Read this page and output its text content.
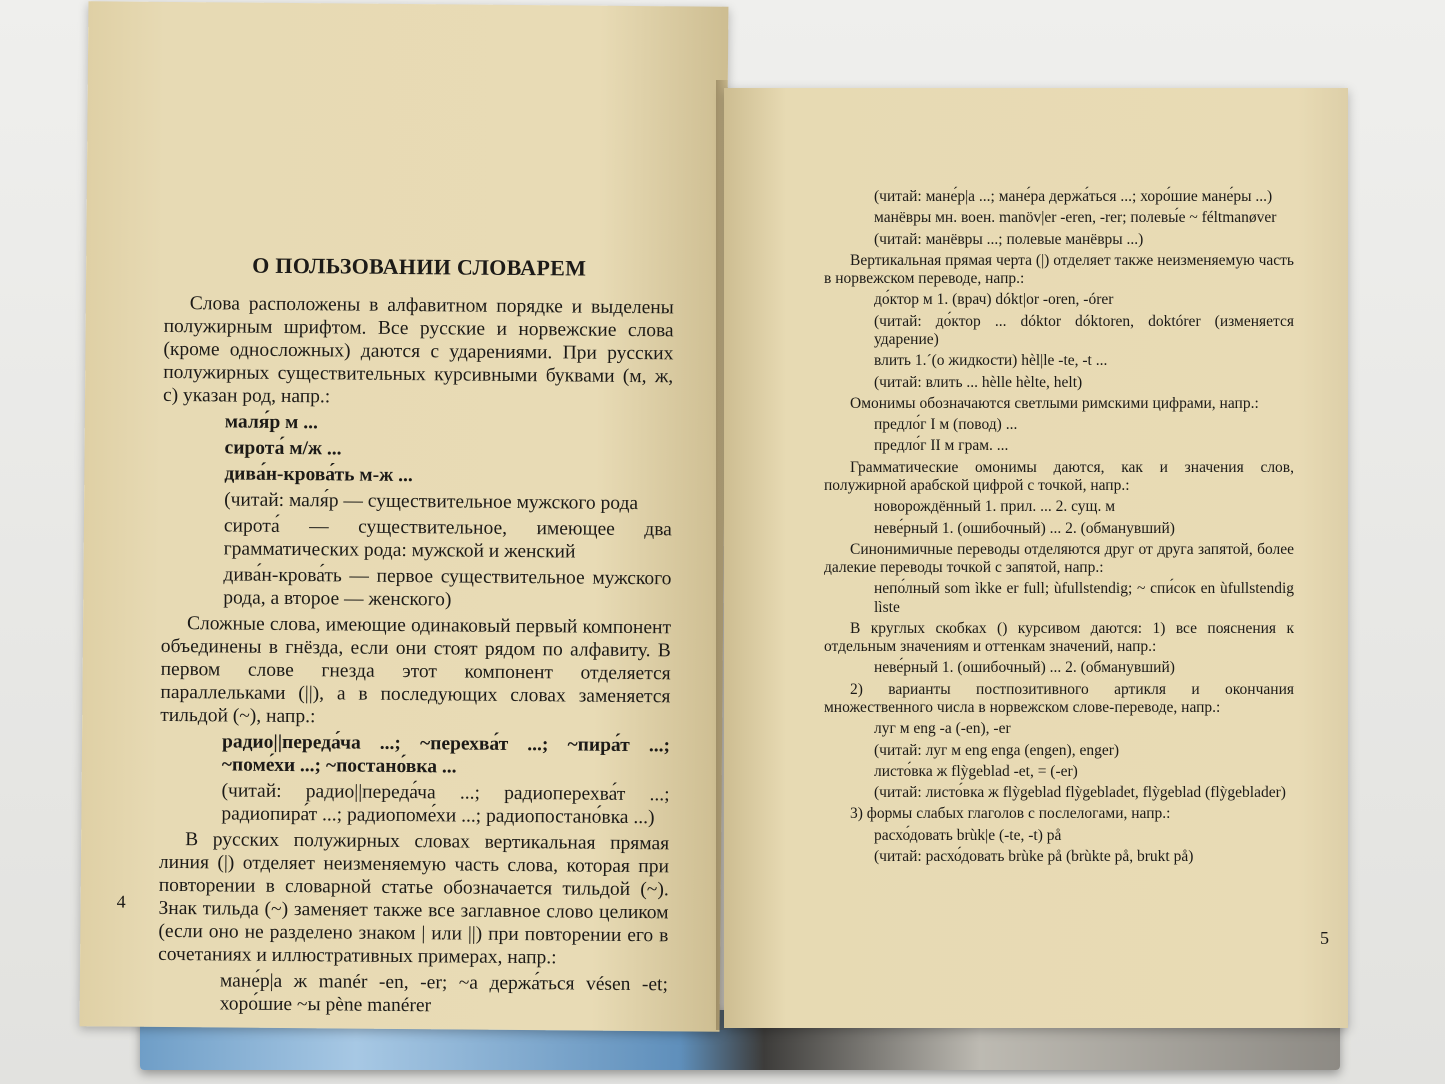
О ПОЛЬЗОВАНИИ СЛОВАРЕМ

Слова расположены в алфавитном порядке и выделены полужирным шрифтом. Все русские и норвежские слова (кроме односложных) даются с ударениями. При русских полужирных существительных курсивными буквами (м, ж, с) указан род, напр.:

маля́р м ...

сирота́ м/ж ...

дива́н-крова́ть м-ж ...

(читай: маля́р — существительное мужского рода

сирота́ — существительное, имеющее два грамматических рода: мужской и женский

дива́н-крова́ть — первое существительное мужского рода, а второе — женского)

Сложные слова, имеющие одинаковый первый компонент объединены в гнёзда, если они стоят рядом по алфавиту. В первом слове гнезда этот компонент отделяется параллельками (||), а в последующих словах заменяется тильдой (~), напр.:

радио||переда́ча ...; ~перехва́т ...; ~пира́т ...; ~поме́хи ...; ~постано́вка ...

(читай: радио||переда́ча ...; радиоперехва́т ...; радиопира́т ...; радиопоме́хи ...; радиопостано́вка ...)

В русских полужирных словах вертикальная прямая линия (|) отделяет неизменяемую часть слова, которая при повторении в словарной статье обозначается тильдой (~). Знак тильда (~) заменяет также все заглавное слово целиком (если оно не разделено знаком | или ||) при повторении его в сочетаниях и иллюстративных примерах, напр.:

мане́р|а ж manér -en, -er; ~а держа́ться vésen -et; хоро́шие ~ы pène manérer

4

(читай: мане́р|а ...; мане́ра держа́ться ...; хоро́шие мане́ры ...)

манёвры мн. воен. manöv|er -eren, -rer; полевы́е ~ féltmanøver

(читай: манёвры ...; полевые манёвры ...)

Вертикальная прямая черта (|) отделяет также неизменяемую часть в норвежском переводе, напр.:

до́ктор м 1. (врач) dókt|or -oren, -órer

(читай: до́ктор ... dóktor dóktoren, doktórer (изменяется ударение)

влить 1.ˊ(о жидкости) hèl|le -te, -t ...

(читай: влить ... hèlle hèlte, helt)

Омонимы обозначаются светлыми римскими цифрами, напр.:

предло́г I м (повод) ...

предло́г II м грам. ...

Грамматические омонимы даются, как и значения слов, полужирной арабской цифрой с точкой, напр.:

новорождённый 1. прил. ... 2. сущ. м

неве́рный 1. (ошибочный) ... 2. (обманувший)

Синонимичные переводы отделяются друг от друга запятой, более далекие переводы точкой с запятой, напр.:

непо́лный som ìkke er full; ùfullstendig; ~ спи́сок en ùfullstendig lìste

В круглых скобках () курсивом даются: 1) все пояснения к отдельным значениям и оттенкам значений, напр.:

неве́рный 1. (ошибочный) ... 2. (обманувший)

2) варианты постпозитивного артикля и окончания множественного числа в норвежском слове-переводе, напр.:

луг м eng -a (-en), -er

(читай: луг м eng enga (engen), enger)

листо́вка ж flỳgeblad -et, = (-er)

(читай: листо́вка ж flỳgeblad flỳgebladet, flỳgeblad (flỳgeblader)

3) формы слабых глаголов с послелогами, напр.:

расхо́довать brùk|e (-te, -t) på

(читай: расхо́довать brùke på (brùkte på, brukt på)

5
